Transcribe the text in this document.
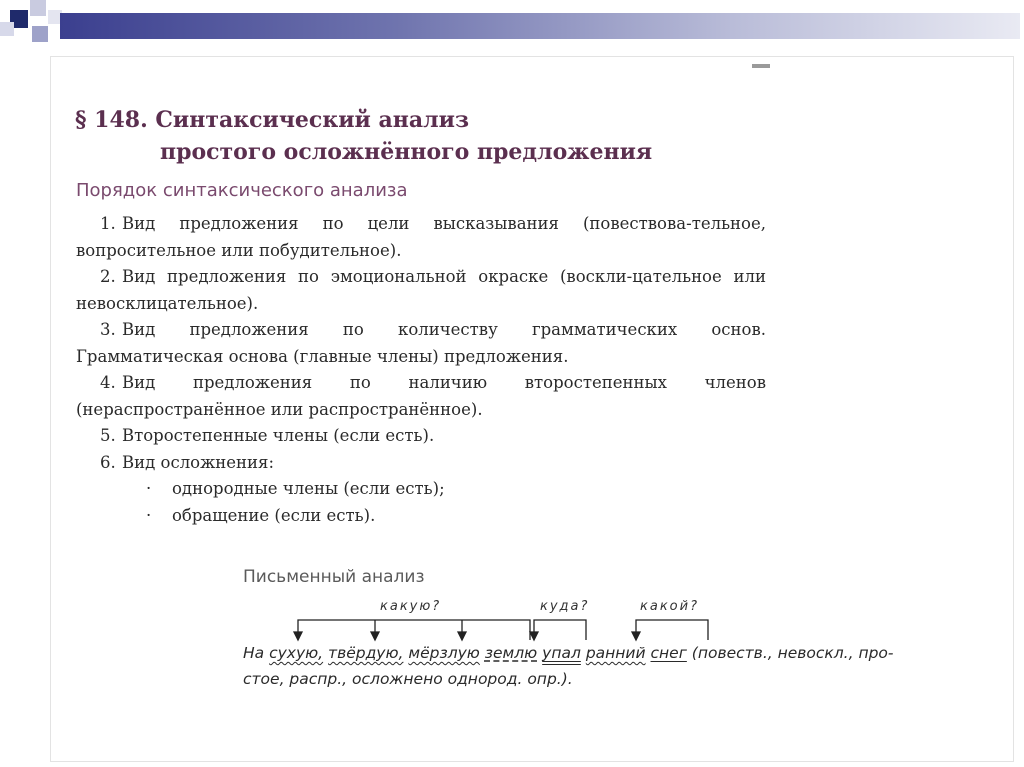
§ 148. Синтаксический анализ
простого осложнённого предложения
Порядок синтаксического анализа
1. Вид предложения по цели высказывания (повествова-тельное, вопросительное или побудительное).
2. Вид предложения по эмоциональной окраске (воскли-цательное или невосклицательное).
3. Вид предложения по количеству грамматических основ. Грамматическая основа (главные члены) предложения.
4. Вид предложения по наличию второстепенных членов (нераспространённое или распространённое).
5. Второстепенные члены (если есть).
6. Вид осложнения:
· однородные члены (если есть);
· обращение (если есть).
Письменный анализ
какую?	куда?	какой?
На сухую, твёрдую, мёрзлую землю упал ранний снег (повеств., невоскл., про-
стое, распр., осложнено однород. опр.).
